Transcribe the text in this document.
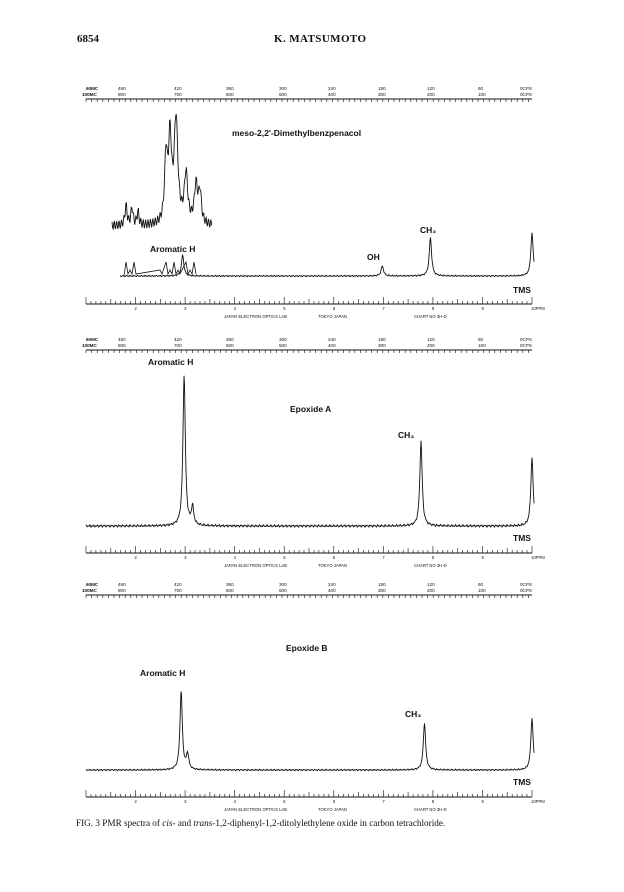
6854	K. MATSUMOTO
60MC
100MC
480	420	360	300	240	180	120	60	0CPS
800	700	600	500	400	300	200	100	0CPS
meso-2,2'-Dimethylbenzpenacol
Aromatic H
OH
CH₃
TMS
2	3	4	5	6	7	8	9	10PPM
JAPAN ELECTRON OPTICS LAB	TOKYO JAPAN	CHART NO 3H-D
60MC
100MC
480	420	360	300	240	180	120	60	0CPS
800	700	600	500	400	300	200	100	0CPS
Aromatic H
Epoxide A
CH₃
TMS
2	3	4	5	6	7	8	9	10PPM
JAPAN ELECTRON OPTICS LAB	TOKYO JAPAN	CHART NO 3H-D
60MC
100MC
480	420	360	300	240	180	120	60	0CPS
800	700	600	500	400	300	200	100	0CPS
Epoxide B
Aromatic H
CH₃
TMS
2	3	4	5	6	7	8	9	10PPM
JAPAN ELECTRON OPTICS LAB	TOKYO JAPAN	CHART NO 3H-D
FIG. 3 PMR spectra of cis- and trans-1,2-diphenyl-1,2-ditolylethylene oxide in carbon tetrachloride.
